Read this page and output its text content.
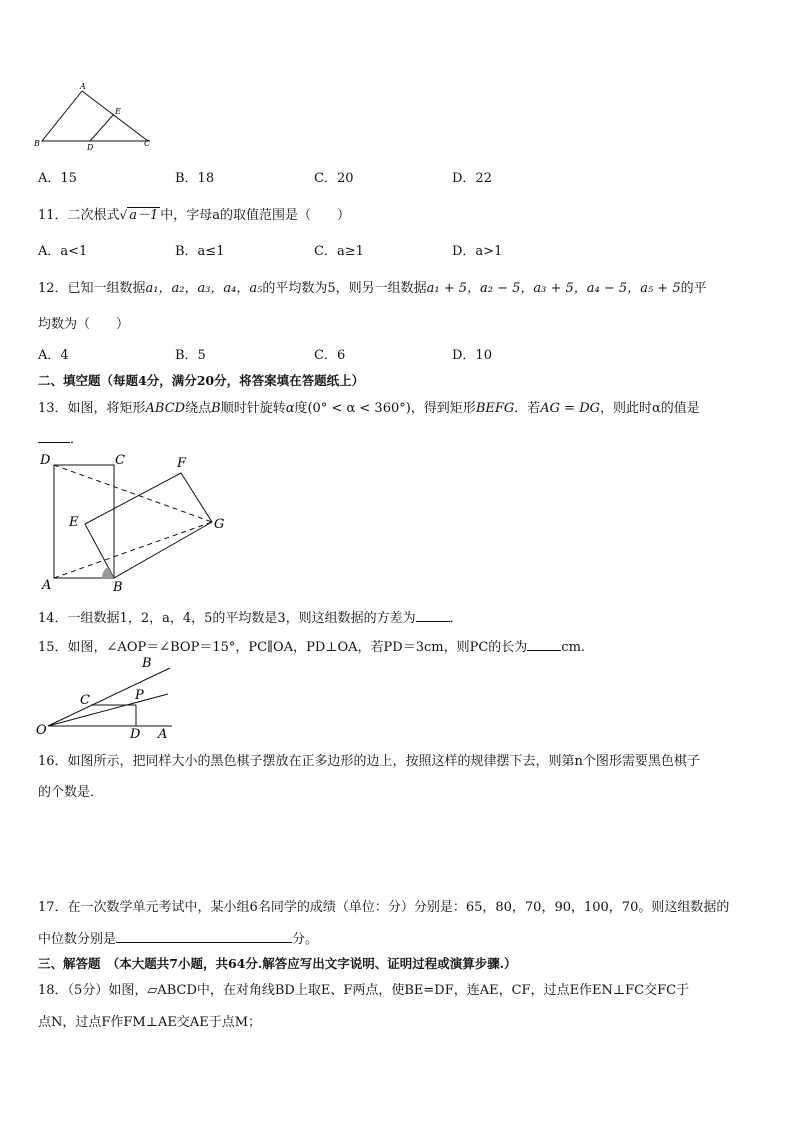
A
B	C
D
E
A．15	B．18	C．20	D．22
11．二次根式√ a－1 中，字母a的取值范围是（　　）
A．a<1	B．a≤1	C．a≥1	D．a>1
12．已知一组数据a₁，a₂，a₃，a₄，a₅的平均数为5，则另一组数据a₁ + 5，a₂ − 5，a₃ + 5，a₄ − 5，a₅ + 5的平
均数为（　　）
A．4	B．5	C．6	D．10
二、填空题（每题4分，满分20分，将答案填在答题纸上）
13．如图，将矩形ABCD绕点B顺时针旋转α度(0° < α < 360°)，得到矩形BEFG．若AG = DG，则此时α的值是
．
D	C	F
E	G
A	B
14．一组数据1，2，a，4，5的平均数是3，则这组数据的方差为	．
15．如图，∠AOP＝∠BOP＝15°，PC∥OA，PD⊥OA，若PD＝3cm，则PC的长为	cm.
O
B
C	P
D A
16．如图所示，把同样大小的黑色棋子摆放在正多边形的边上，按照这样的规律摆下去，则第n个图形需要黑色棋子
的个数是．
17．在一次数学单元考试中，某小组6名同学的成绩（单位：分）分别是：65，80，70，90，100，70。则这组数据的
中位数分别是	分。
三、解答题　（本大题共7小题，共64分.解答应写出文字说明、证明过程或演算步骤.）
18．（5分）如图，▱ABCD中，在对角线BD上取E、F两点，使BE=DF，连AE，CF，过点E作EN⊥FC交FC于
点N，过点F作FM⊥AE交AE于点M；
